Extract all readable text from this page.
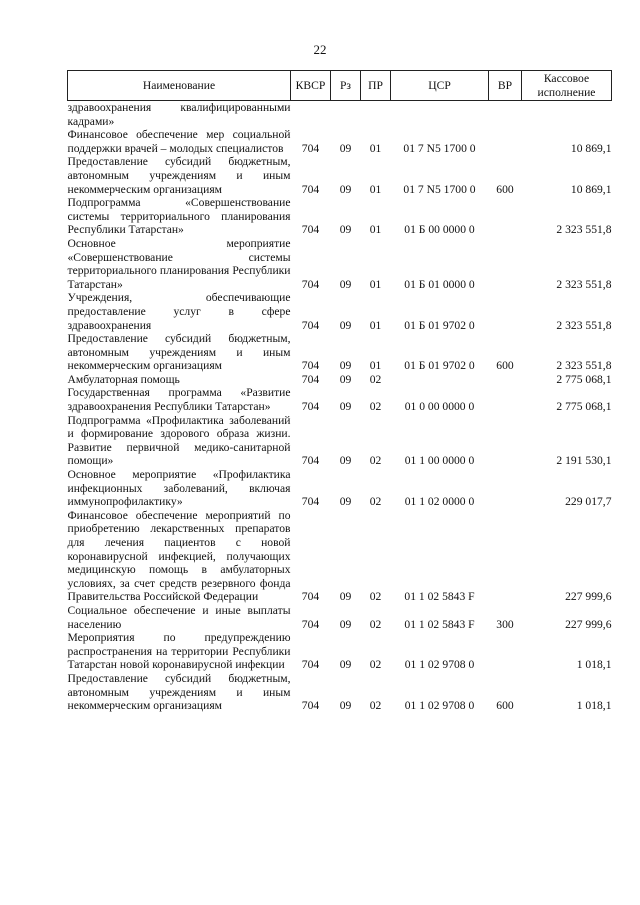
22
Наименование	КВСР	Рз	ПР	ЦСР	ВР	Кассовое исполнение
здравоохранения квалифицированными кадрами»						
Финансовое обеспечение мер социальной поддержки врачей – молодых специалистов	704	09	01	01 7 N5 1700 0		10 869,1
Предоставление субсидий бюджетным, автономным учреждениям и иным некоммерческим организациям	704	09	01	01 7 N5 1700 0	600	10 869,1
Подпрограмма «Совершенствование системы территориального планирования Республики Татарстан»	704	09	01	01 Б 00 0000 0		2 323 551,8
Основное мероприятие «Совершенствование системы территориального планирования Республики Татарстан»	704	09	01	01 Б 01 0000 0		2 323 551,8
Учреждения, обеспечивающие предоставление услуг в сфере здравоохранения	704	09	01	01 Б 01 9702 0		2 323 551,8
Предоставление субсидий бюджетным, автономным учреждениям и иным некоммерческим организациям	704	09	01	01 Б 01 9702 0	600	2 323 551,8
Амбулаторная помощь	704	09	02			2 775 068,1
Государственная программа «Развитие здравоохранения Республики Татарстан»	704	09	02	01 0 00 0000 0		2 775 068,1
Подпрограмма «Профилактика заболеваний и формирование здорового образа жизни. Развитие первичной медико-санитарной помощи»	704	09	02	01 1 00 0000 0		2 191 530,1
Основное мероприятие «Профилактика инфекционных заболеваний, включая иммунопрофилактику»	704	09	02	01 1 02 0000 0		229 017,7
Финансовое обеспечение мероприятий по приобретению лекарственных препаратов для лечения пациентов с новой коронавирусной инфекцией, получающих медицинскую помощь в амбулаторных условиях, за счет средств резервного фонда Правительства Российской Федерации	704	09	02	01 1 02 5843 F		227 999,6
Социальное обеспечение и иные выплаты населению	704	09	02	01 1 02 5843 F	300	227 999,6
Мероприятия по предупреждению распространения на территории Республики Татарстан новой коронавирусной инфекции	704	09	02	01 1 02 9708 0		1 018,1
Предоставление субсидий бюджетным, автономным учреждениям и иным некоммерческим организациям	704	09	02	01 1 02 9708 0	600	1 018,1
